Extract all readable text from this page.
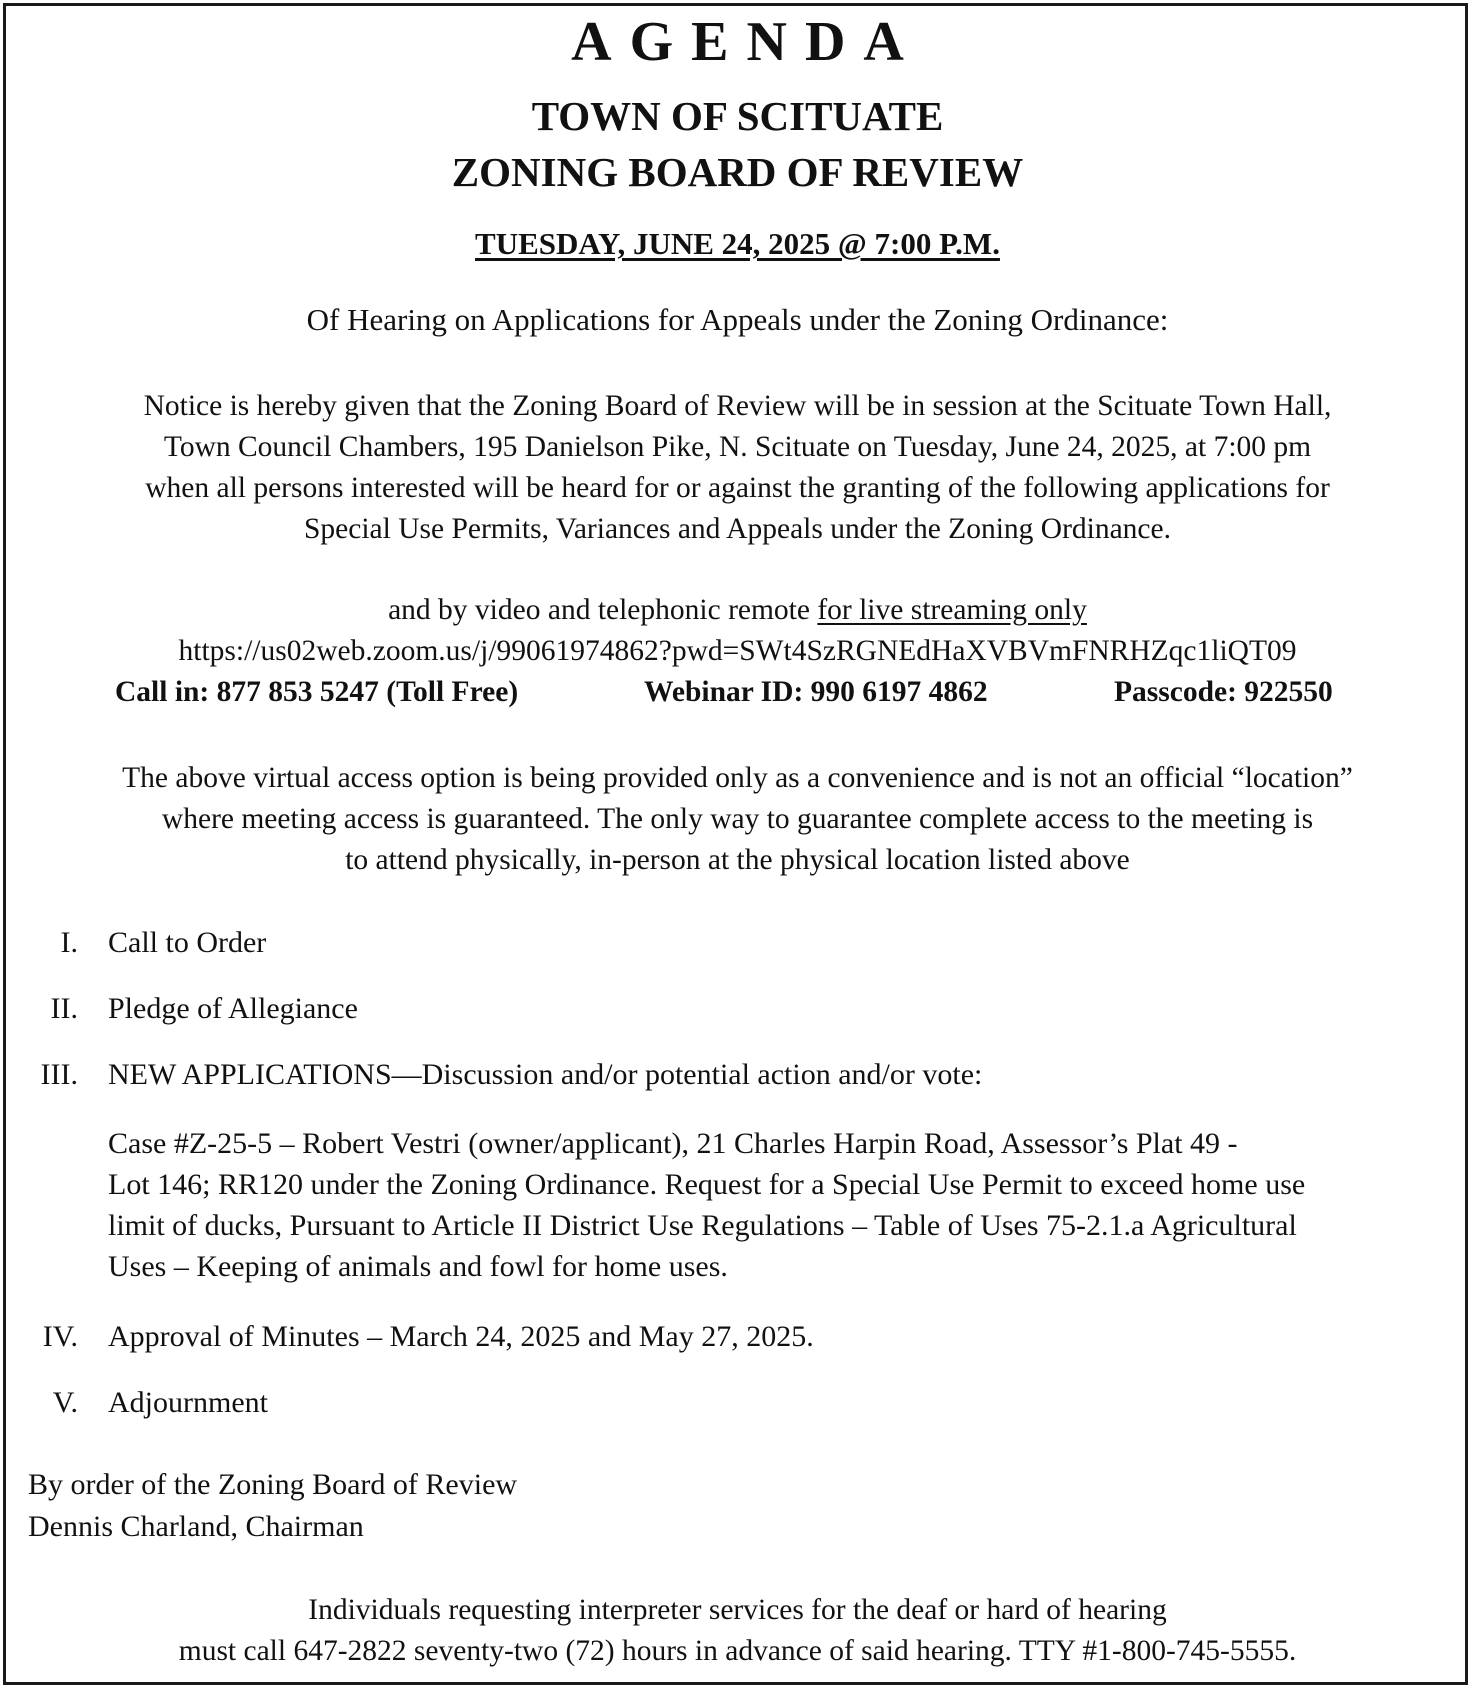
AGENDA
TOWN OF SCITUATE
ZONING BOARD OF REVIEW
TUESDAY, JUNE 24, 2025 @ 7:00 P.M.
Of Hearing on Applications for Appeals under the Zoning Ordinance:
Notice is hereby given that the Zoning Board of Review will be in session at the Scituate Town Hall,
Town Council Chambers, 195 Danielson Pike, N. Scituate on Tuesday, June 24, 2025, at 7:00 pm
when all persons interested will be heard for or against the granting of the following applications for
Special Use Permits, Variances and Appeals under the Zoning Ordinance.
and by video and telephonic remote for live streaming only
https://us02web.zoom.us/j/99061974862?pwd=SWt4SzRGNEdHaXVBVmFNRHZqc1liQT09
Call in: 877 853 5247 (Toll Free)	Webinar ID: 990 6197 4862	Passcode: 922550
The above virtual access option is being provided only as a convenience and is not an official “location”
where meeting access is guaranteed. The only way to guarantee complete access to the meeting is
to attend physically, in-person at the physical location listed above
I. Call to Order
II. Pledge of Allegiance
III. NEW APPLICATIONS—Discussion and/or potential action and/or vote:
Case #Z-25-5 – Robert Vestri (owner/applicant), 21 Charles Harpin Road, Assessor’s Plat 49 -
Lot 146; RR120 under the Zoning Ordinance. Request for a Special Use Permit to exceed home use
limit of ducks, Pursuant to Article II District Use Regulations – Table of Uses 75-2.1.a Agricultural
Uses – Keeping of animals and fowl for home uses.
IV. Approval of Minutes – March 24, 2025 and May 27, 2025.
V. Adjournment
By order of the Zoning Board of Review
Dennis Charland, Chairman
Individuals requesting interpreter services for the deaf or hard of hearing
must call 647-2822 seventy-two (72) hours in advance of said hearing. TTY #1-800-745-5555.
